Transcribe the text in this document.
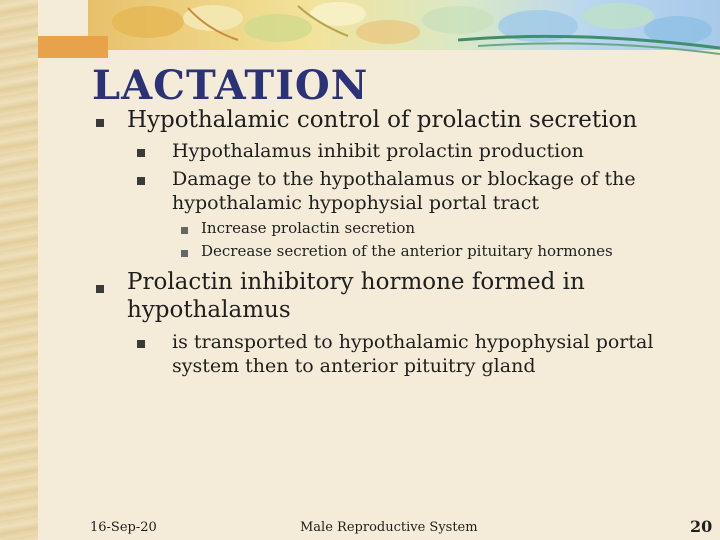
LACTATION
Hypothalamic control of prolactin secretion
Hypothalamus inhibit prolactin production
Damage to the hypothalamus or blockage of the
hypothalamic hypophysial portal tract
Increase prolactin secretion
Decrease secretion of the anterior pituitary hormones
Prolactin inhibitory hormone formed in
hypothalamus
is transported to hypothalamic hypophysial portal
system then to anterior pituitry gland
16-Sep-20	Male Reproductive System	20
